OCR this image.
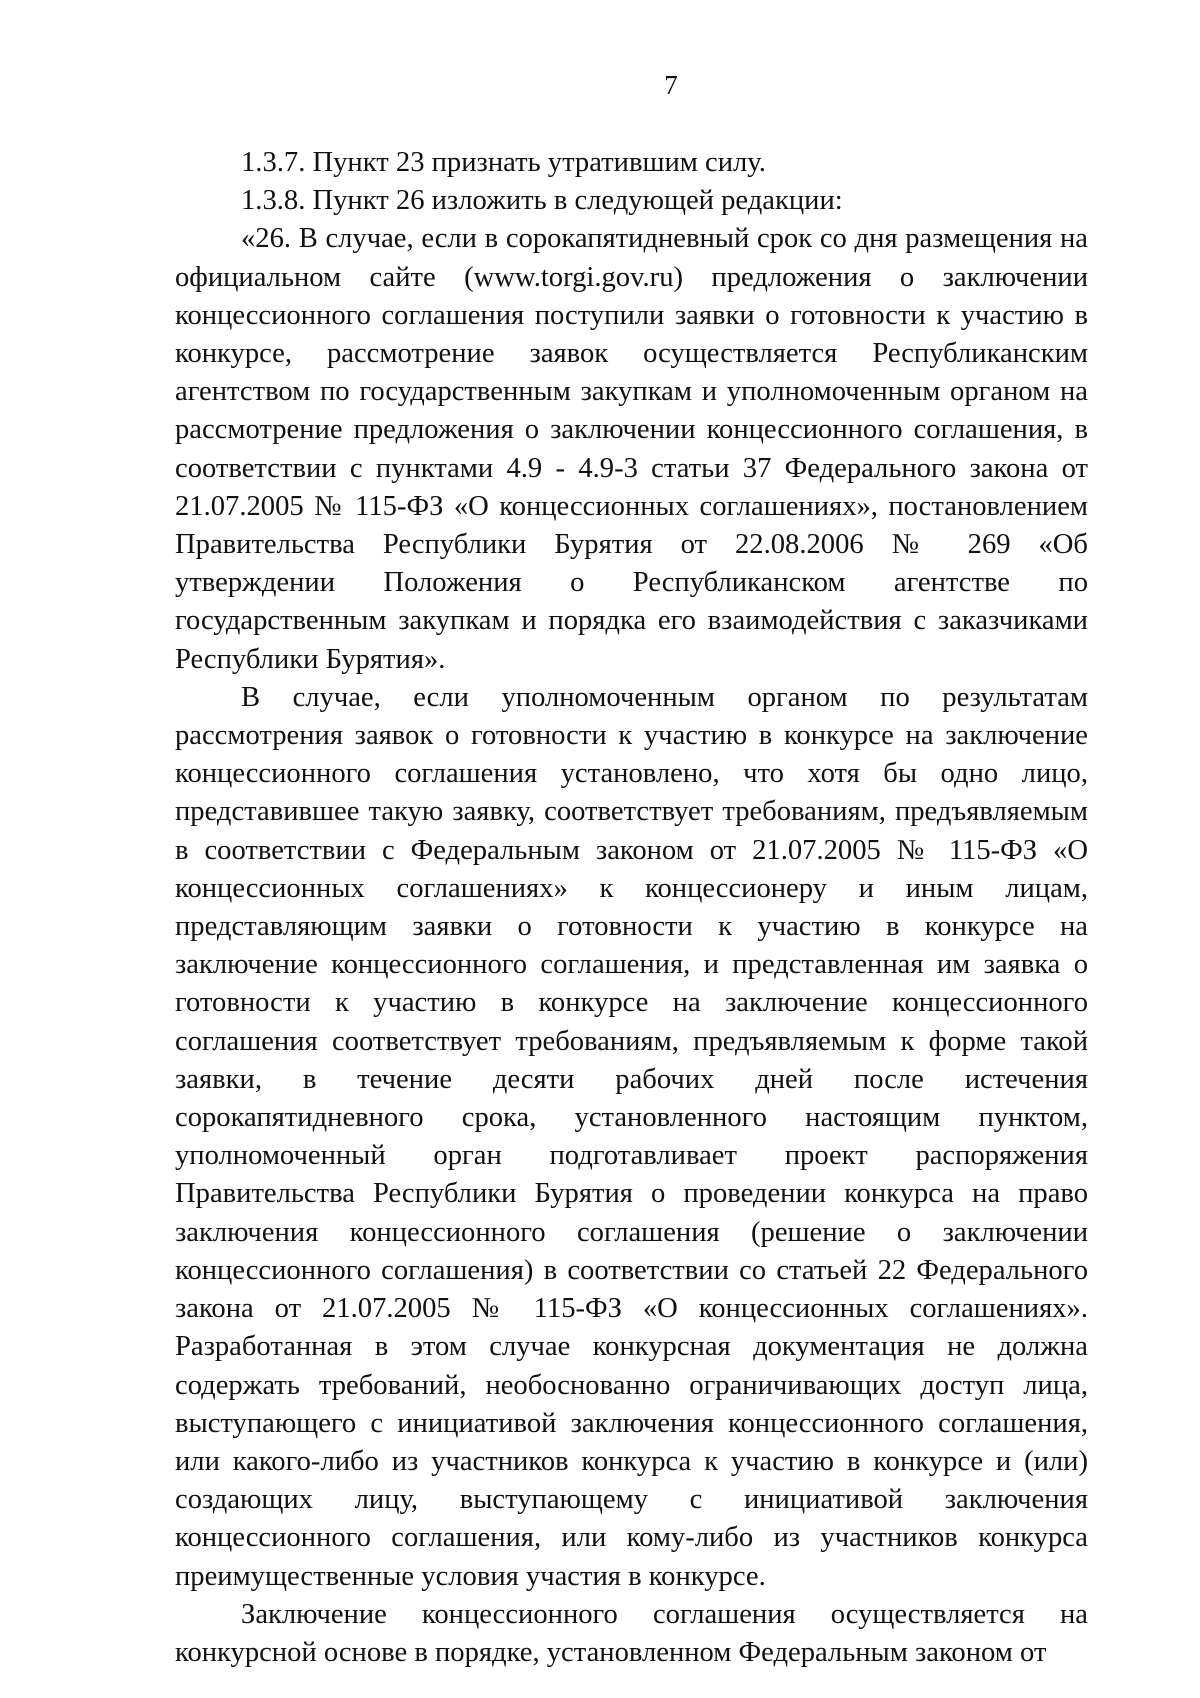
7

1.3.7. Пункт 23 признать утратившим силу.

1.3.8. Пункт 26 изложить в следующей редакции:

«26. В случае, если в сорокапятидневный срок со дня размещения на официальном сайте (www.torgi.gov.ru) предложения о заключении концессионного соглашения поступили заявки о готовности к участию в конкурсе, рассмотрение заявок осуществляется Республиканским агентством по государственным закупкам и уполномоченным органом на рассмотрение предложения о заключении концессионного соглашения, в соответствии с пунктами 4.9 - 4.9-3 статьи 37 Федерального закона от 21.07.2005 № 115-ФЗ «О концессионных соглашениях», постановлением Правительства Республики Бурятия от 22.08.2006 № 269 «Об утверждении Положения о Республиканском агентстве по государственным закупкам и порядка его взаимодействия с заказчиками Республики Бурятия».

В случае, если уполномоченным органом по результатам рассмотрения заявок о готовности к участию в конкурсе на заключение концессионного соглашения установлено, что хотя бы одно лицо, представившее такую заявку, соответствует требованиям, предъявляемым в соответствии с Федеральным законом от 21.07.2005 № 115-ФЗ «О концессионных соглашениях» к концессионеру и иным лицам, представляющим заявки о готовности к участию в конкурсе на заключение концессионного соглашения, и представленная им заявка о готовности к участию в конкурсе на заключение концессионного соглашения соответствует требованиям, предъявляемым к форме такой заявки, в течение десяти рабочих дней после истечения сорокапятидневного срока, установленного настоящим пунктом, уполномоченный орган подготавливает проект распоряжения Правительства Республики Бурятия о проведении конкурса на право заключения концессионного соглашения (решение о заключении концессионного соглашения) в соответствии со статьей 22 Федерального закона от 21.07.2005 № 115-ФЗ «О концессионных соглашениях». Разработанная в этом случае конкурсная документация не должна содержать требований, необоснованно ограничивающих доступ лица, выступающего с инициативой заключения концессионного соглашения, или какого-либо из участников конкурса к участию в конкурсе и (или) создающих лицу, выступающему с инициативой заключения концессионного соглашения, или кому-либо из участников конкурса преимущественные условия участия в конкурсе.

Заключение концессионного соглашения осуществляется на конкурсной основе в порядке, установленном Федеральным законом от
